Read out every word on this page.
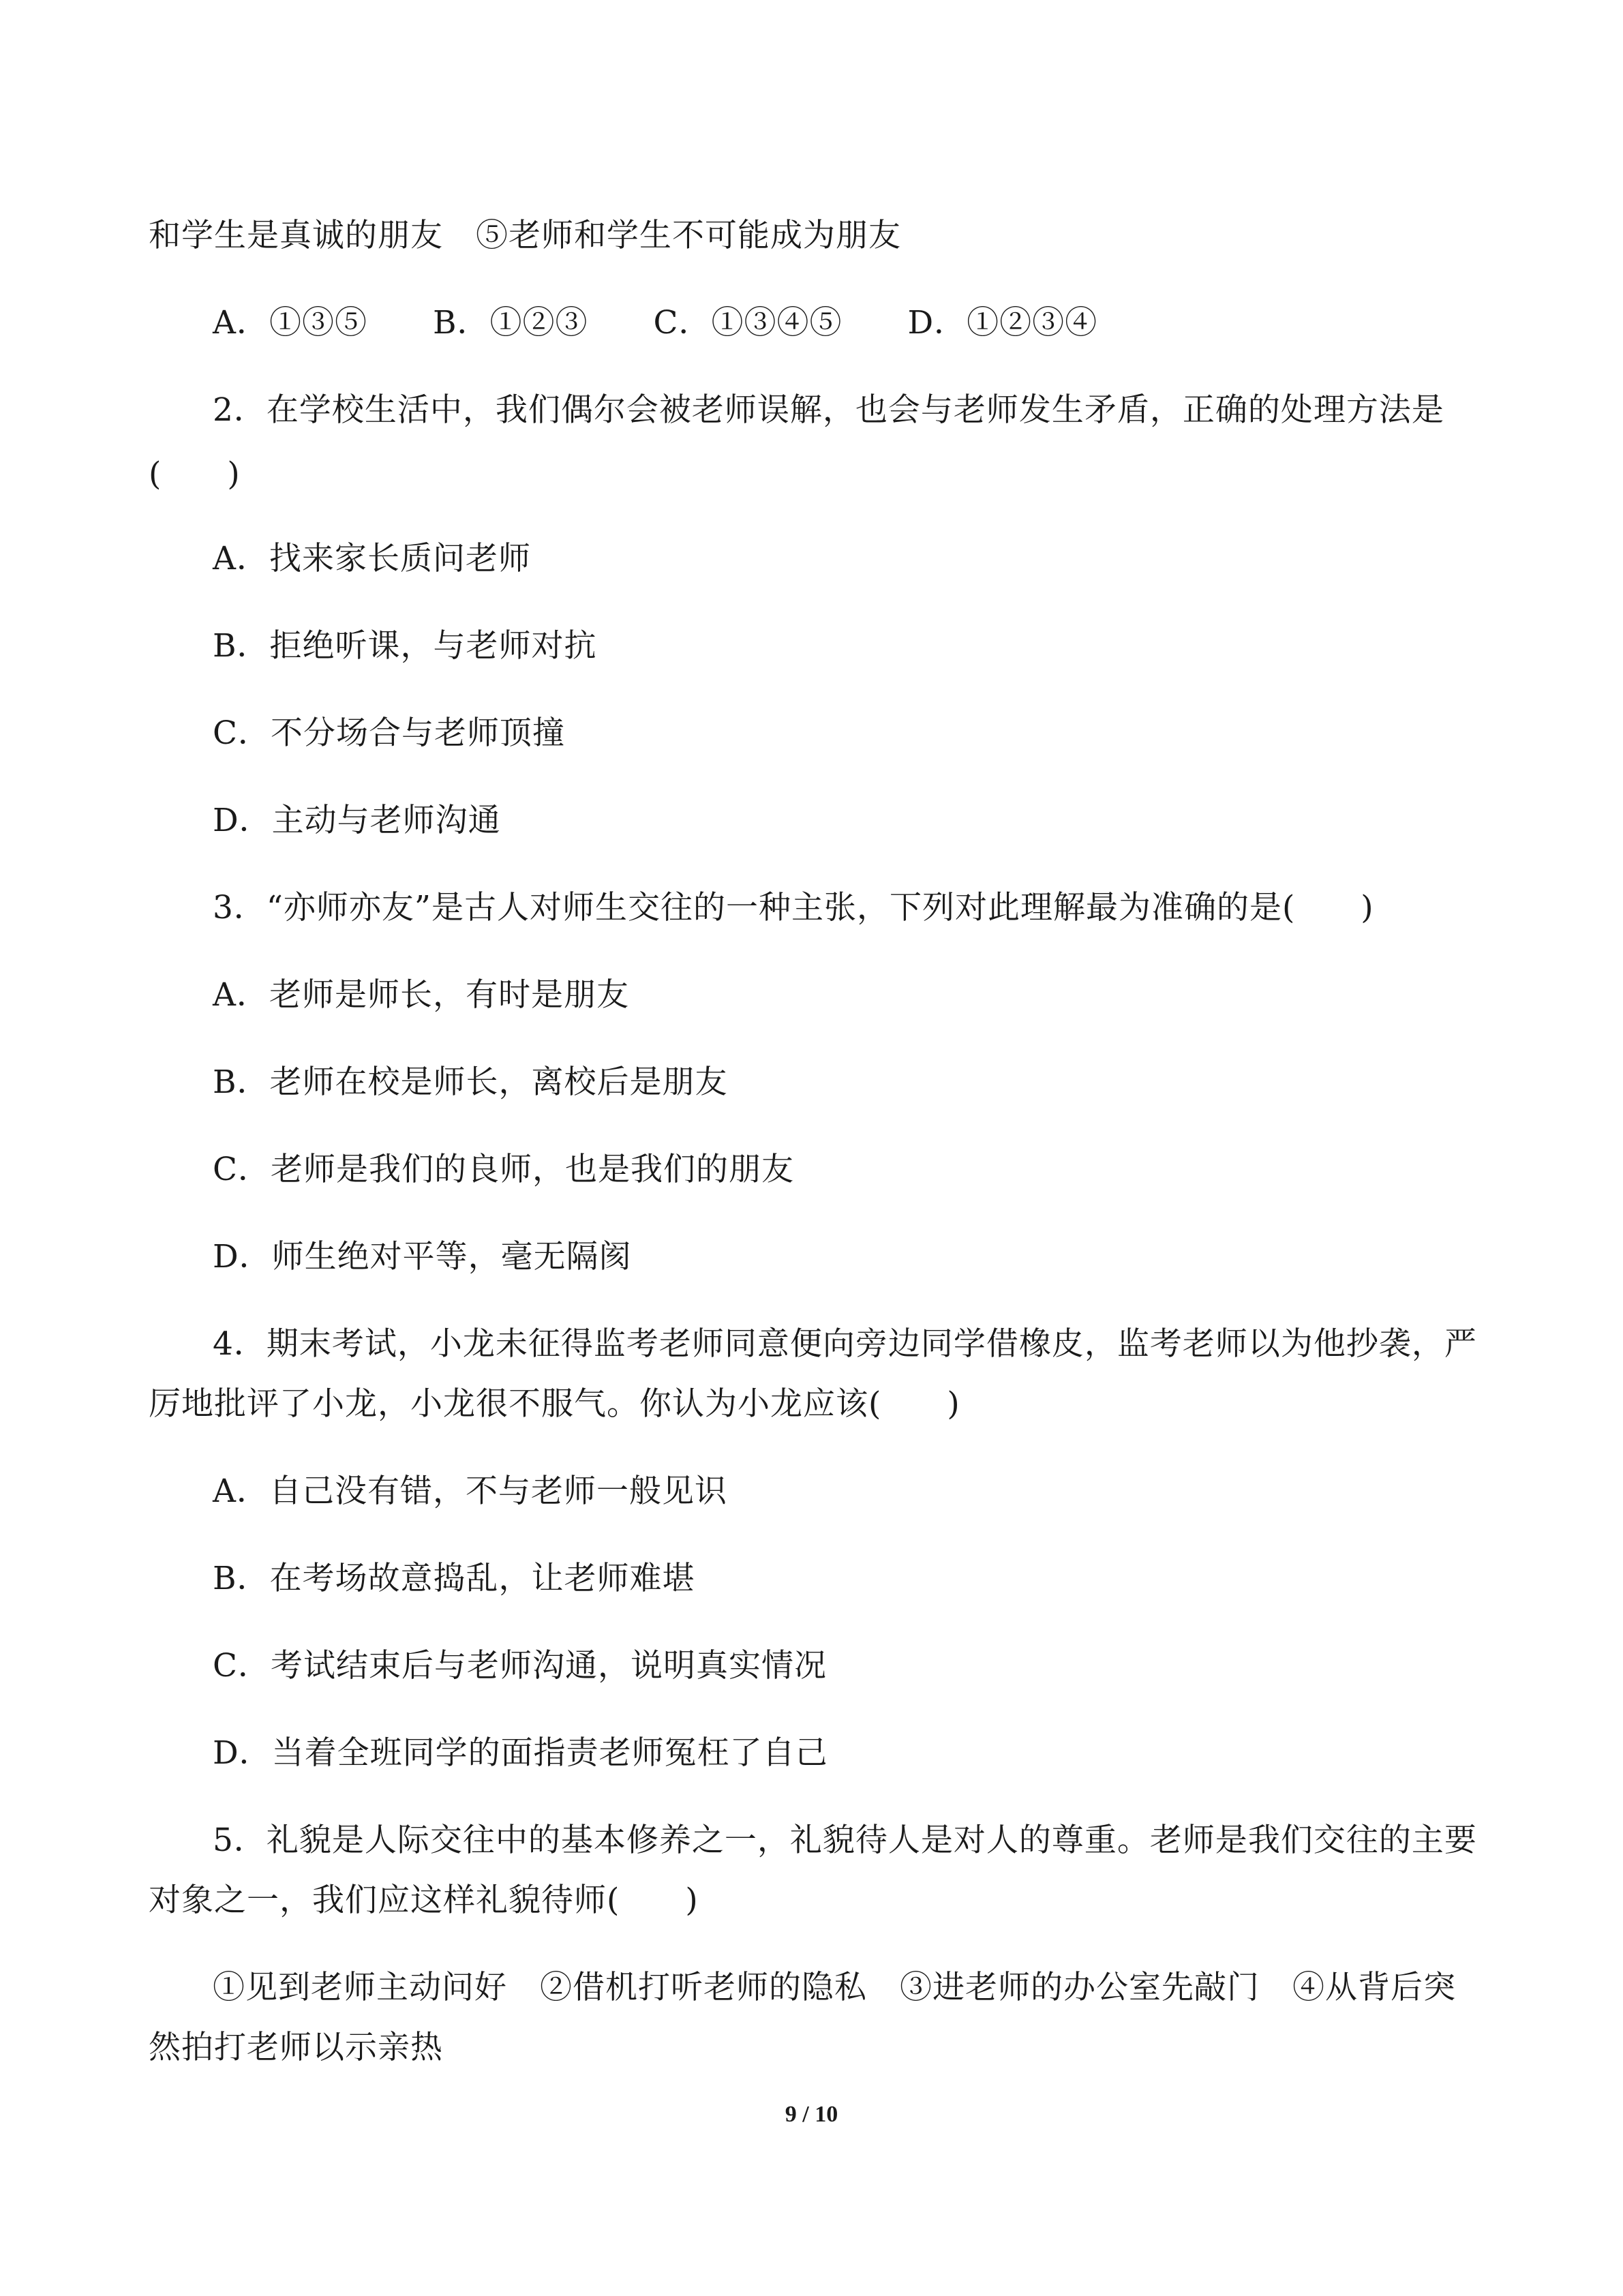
和学生是真诚的朋友　⑤老师和学生不可能成为朋友
A．①③⑤　　B．①②③　　C．①③④⑤　　D．①②③④
2．在学校生活中，我们偶尔会被老师误解，也会与老师发生矛盾，正确的处理方法是
(　　)
A．找来家长质问老师
B．拒绝听课，与老师对抗
C．不分场合与老师顶撞
D．主动与老师沟通
3．“亦师亦友”是古人对师生交往的一种主张，下列对此理解最为准确的是(　　)
A．老师是师长，有时是朋友
B．老师在校是师长，离校后是朋友
C．老师是我们的良师，也是我们的朋友
D．师生绝对平等，毫无隔阂
4．期末考试，小龙未征得监考老师同意便向旁边同学借橡皮，监考老师以为他抄袭，严
厉地批评了小龙，小龙很不服气。你认为小龙应该(　　)
A．自己没有错，不与老师一般见识
B．在考场故意捣乱，让老师难堪
C．考试结束后与老师沟通，说明真实情况
D．当着全班同学的面指责老师冤枉了自己
5．礼貌是人际交往中的基本修养之一，礼貌待人是对人的尊重。老师是我们交往的主要
对象之一，我们应这样礼貌待师(　　)
①见到老师主动问好　②借机打听老师的隐私　③进老师的办公室先敲门　④从背后突
然拍打老师以示亲热
9 / 10
